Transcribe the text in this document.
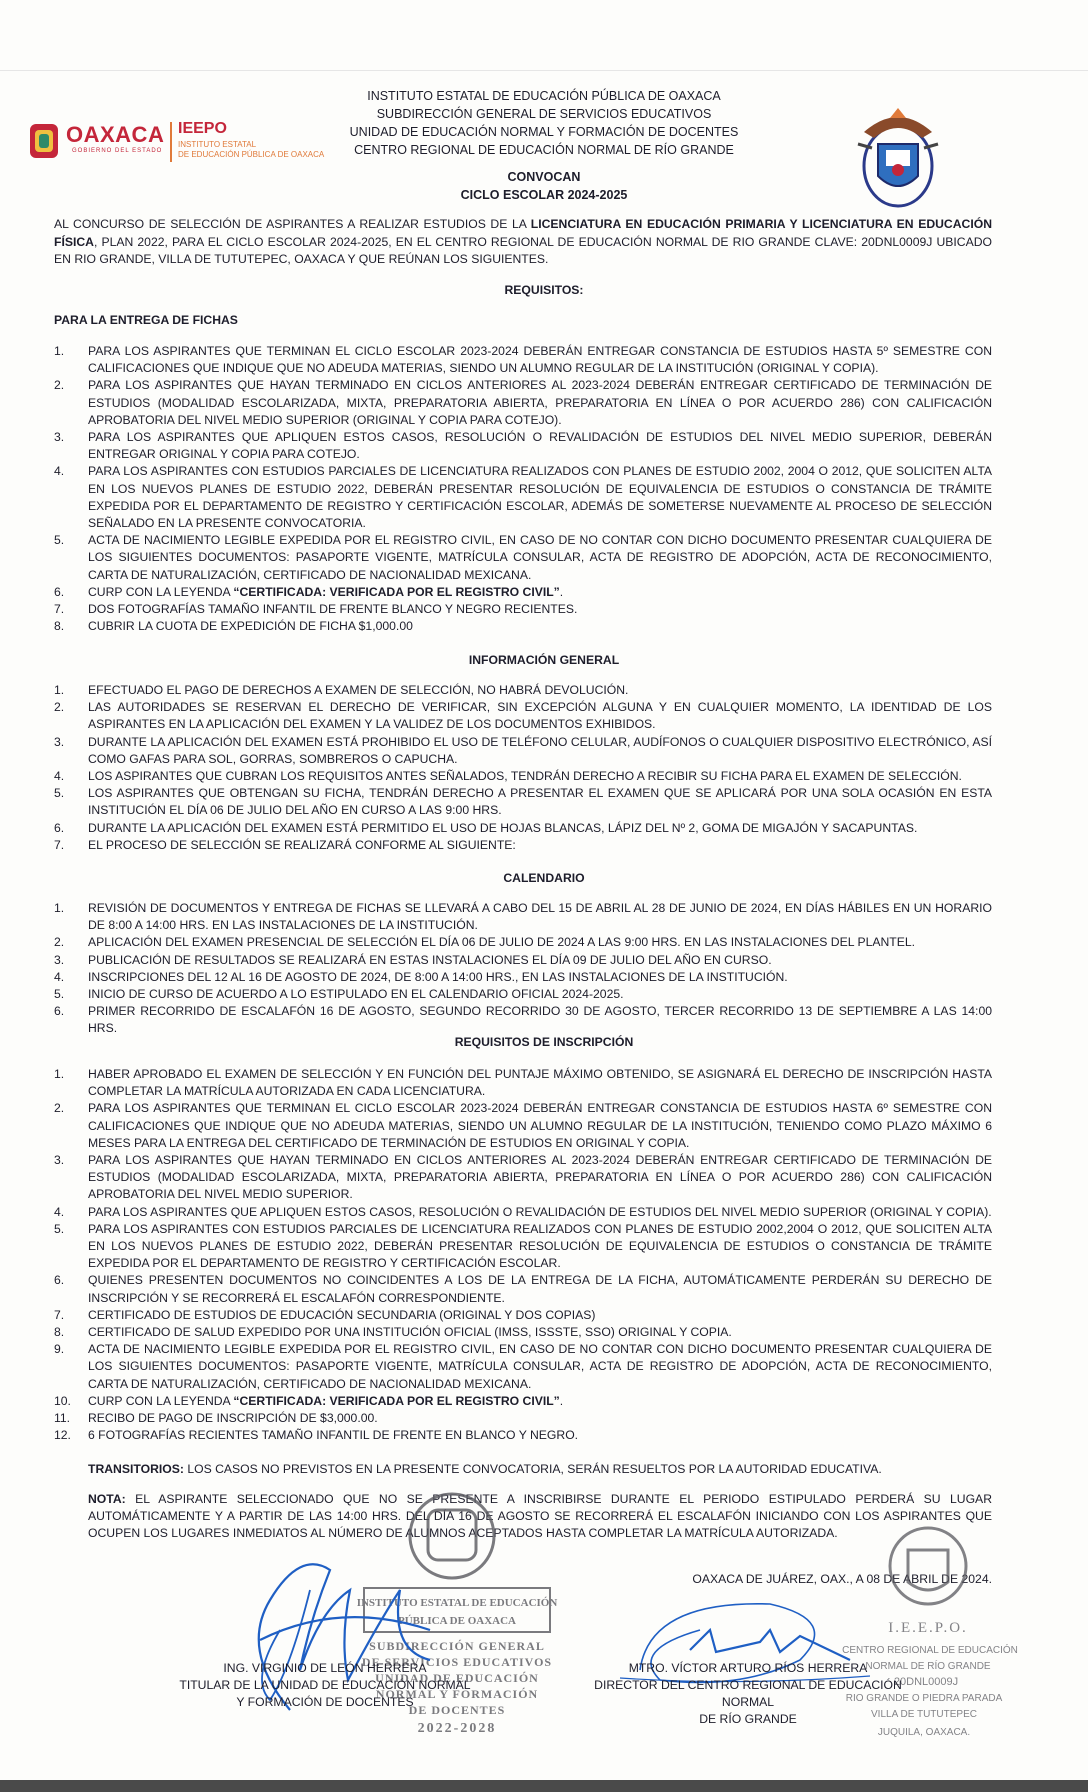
OAXACA
GOBIERNO DEL ESTADO
IEEPO
INSTITUTO ESTATAL
DE EDUCACIÓN PÚBLICA DE OAXACA
INSTITUTO ESTATAL DE EDUCACIÓN PÚBLICA DE OAXACA
SUBDIRECCIÓN GENERAL DE SERVICIOS EDUCATIVOS
UNIDAD DE EDUCACIÓN NORMAL Y FORMACIÓN DE DOCENTES
CENTRO REGIONAL DE EDUCACIÓN NORMAL DE RÍO GRANDE
CONVOCAN
CICLO ESCOLAR 2024-2025
AL CONCURSO DE SELECCIÓN DE ASPIRANTES A REALIZAR ESTUDIOS DE LA LICENCIATURA EN EDUCACIÓN PRIMARIA Y LICENCIATURA EN EDUCACIÓN FÍSICA, PLAN 2022, PARA EL CICLO ESCOLAR 2024-2025, EN EL CENTRO REGIONAL DE EDUCACIÓN NORMAL DE RIO GRANDE CLAVE: 20DNL0009J UBICADO EN RIO GRANDE, VILLA DE TUTUTEPEC, OAXACA Y QUE REÚNAN LOS SIGUIENTES.
REQUISITOS:
PARA LA ENTREGA DE FICHAS
1. PARA LOS ASPIRANTES QUE TERMINAN EL CICLO ESCOLAR 2023-2024 DEBERÁN ENTREGAR CONSTANCIA DE ESTUDIOS HASTA 5º SEMESTRE CON CALIFICACIONES QUE INDIQUE QUE NO ADEUDA MATERIAS, SIENDO UN ALUMNO REGULAR DE LA INSTITUCIÓN (ORIGINAL Y COPIA).
2. PARA LOS ASPIRANTES QUE HAYAN TERMINADO EN CICLOS ANTERIORES AL 2023-2024 DEBERÁN ENTREGAR CERTIFICADO DE TERMINACIÓN DE ESTUDIOS (MODALIDAD ESCOLARIZADA, MIXTA, PREPARATORIA ABIERTA, PREPARATORIA EN LÍNEA O POR ACUERDO 286) CON CALIFICACIÓN APROBATORIA DEL NIVEL MEDIO SUPERIOR (ORIGINAL Y COPIA PARA COTEJO).
3. PARA LOS ASPIRANTES QUE APLIQUEN ESTOS CASOS, RESOLUCIÓN O REVALIDACIÓN DE ESTUDIOS DEL NIVEL MEDIO SUPERIOR, DEBERÁN ENTREGAR ORIGINAL Y COPIA PARA COTEJO.
4. PARA LOS ASPIRANTES CON ESTUDIOS PARCIALES DE LICENCIATURA REALIZADOS CON PLANES DE ESTUDIO 2002, 2004 O 2012, QUE SOLICITEN ALTA EN LOS NUEVOS PLANES DE ESTUDIO 2022, DEBERÁN PRESENTAR RESOLUCIÓN DE EQUIVALENCIA DE ESTUDIOS O CONSTANCIA DE TRÁMITE EXPEDIDA POR EL DEPARTAMENTO DE REGISTRO Y CERTIFICACIÓN ESCOLAR, ADEMÁS DE SOMETERSE NUEVAMENTE AL PROCESO DE SELECCIÓN SEÑALADO EN LA PRESENTE CONVOCATORIA.
5. ACTA DE NACIMIENTO LEGIBLE EXPEDIDA POR EL REGISTRO CIVIL, EN CASO DE NO CONTAR CON DICHO DOCUMENTO PRESENTAR CUALQUIERA DE LOS SIGUIENTES DOCUMENTOS: PASAPORTE VIGENTE, MATRÍCULA CONSULAR, ACTA DE REGISTRO DE ADOPCIÓN, ACTA DE RECONOCIMIENTO, CARTA DE NATURALIZACIÓN, CERTIFICADO DE NACIONALIDAD MEXICANA.
6. CURP CON LA LEYENDA “CERTIFICADA: VERIFICADA POR EL REGISTRO CIVIL”.
7. DOS FOTOGRAFÍAS TAMAÑO INFANTIL DE FRENTE BLANCO Y NEGRO RECIENTES.
8. CUBRIR LA CUOTA DE EXPEDICIÓN DE FICHA $1,000.00
INFORMACIÓN GENERAL
1. EFECTUADO EL PAGO DE DERECHOS A EXAMEN DE SELECCIÓN, NO HABRÁ DEVOLUCIÓN.
2. LAS AUTORIDADES SE RESERVAN EL DERECHO DE VERIFICAR, SIN EXCEPCIÓN ALGUNA Y EN CUALQUIER MOMENTO, LA IDENTIDAD DE LOS ASPIRANTES EN LA APLICACIÓN DEL EXAMEN Y LA VALIDEZ DE LOS DOCUMENTOS EXHIBIDOS.
3. DURANTE LA APLICACIÓN DEL EXAMEN ESTÁ PROHIBIDO EL USO DE TELÉFONO CELULAR, AUDÍFONOS O CUALQUIER DISPOSITIVO ELECTRÓNICO, ASÍ COMO GAFAS PARA SOL, GORRAS, SOMBREROS O CAPUCHA.
4. LOS ASPIRANTES QUE CUBRAN LOS REQUISITOS ANTES SEÑALADOS, TENDRÁN DERECHO A RECIBIR SU FICHA PARA EL EXAMEN DE SELECCIÓN.
5. LOS ASPIRANTES QUE OBTENGAN SU FICHA, TENDRÁN DERECHO A PRESENTAR EL EXAMEN QUE SE APLICARÁ POR UNA SOLA OCASIÓN EN ESTA INSTITUCIÓN EL DÍA 06 DE JULIO DEL AÑO EN CURSO A LAS 9:00 HRS.
6. DURANTE LA APLICACIÓN DEL EXAMEN ESTÁ PERMITIDO EL USO DE HOJAS BLANCAS, LÁPIZ DEL Nº 2, GOMA DE MIGAJÓN Y SACAPUNTAS.
7. EL PROCESO DE SELECCIÓN SE REALIZARÁ CONFORME AL SIGUIENTE:
CALENDARIO
1. REVISIÓN DE DOCUMENTOS Y ENTREGA DE FICHAS SE LLEVARÁ A CABO DEL 15 DE ABRIL AL 28 DE JUNIO DE 2024, EN DÍAS HÁBILES EN UN HORARIO DE 8:00 A 14:00 HRS. EN LAS INSTALACIONES DE LA INSTITUCIÓN.
2. APLICACIÓN DEL EXAMEN PRESENCIAL DE SELECCIÓN EL DÍA 06 DE JULIO DE 2024 A LAS 9:00 HRS. EN LAS INSTALACIONES DEL PLANTEL.
3. PUBLICACIÓN DE RESULTADOS SE REALIZARÁ EN ESTAS INSTALACIONES EL DÍA 09 DE JULIO DEL AÑO EN CURSO.
4. INSCRIPCIONES DEL 12 AL 16 DE AGOSTO DE 2024, DE 8:00 A 14:00 HRS., EN LAS INSTALACIONES DE LA INSTITUCIÓN.
5. INICIO DE CURSO DE ACUERDO A LO ESTIPULADO EN EL CALENDARIO OFICIAL 2024-2025.
6. PRIMER RECORRIDO DE ESCALAFÓN 16 DE AGOSTO, SEGUNDO RECORRIDO 30 DE AGOSTO, TERCER RECORRIDO 13 DE SEPTIEMBRE A LAS 14:00 HRS.
REQUISITOS DE INSCRIPCIÓN
1. HABER APROBADO EL EXAMEN DE SELECCIÓN Y EN FUNCIÓN DEL PUNTAJE MÁXIMO OBTENIDO, SE ASIGNARÁ EL DERECHO DE INSCRIPCIÓN HASTA COMPLETAR LA MATRÍCULA AUTORIZADA EN CADA LICENCIATURA.
2. PARA LOS ASPIRANTES QUE TERMINAN EL CICLO ESCOLAR 2023-2024 DEBERÁN ENTREGAR CONSTANCIA DE ESTUDIOS HASTA 6º SEMESTRE CON CALIFICACIONES QUE INDIQUE QUE NO ADEUDA MATERIAS, SIENDO UN ALUMNO REGULAR DE LA INSTITUCIÓN, TENIENDO COMO PLAZO MÁXIMO 6 MESES PARA LA ENTREGA DEL CERTIFICADO DE TERMINACIÓN DE ESTUDIOS EN ORIGINAL Y COPIA.
3. PARA LOS ASPIRANTES QUE HAYAN TERMINADO EN CICLOS ANTERIORES AL 2023-2024 DEBERÁN ENTREGAR CERTIFICADO DE TERMINACIÓN DE ESTUDIOS (MODALIDAD ESCOLARIZADA, MIXTA, PREPARATORIA ABIERTA, PREPARATORIA EN LÍNEA O POR ACUERDO 286) CON CALIFICACIÓN APROBATORIA DEL NIVEL MEDIO SUPERIOR.
4. PARA LOS ASPIRANTES QUE APLIQUEN ESTOS CASOS, RESOLUCIÓN O REVALIDACIÓN DE ESTUDIOS DEL NIVEL MEDIO SUPERIOR (ORIGINAL Y COPIA).
5. PARA LOS ASPIRANTES CON ESTUDIOS PARCIALES DE LICENCIATURA REALIZADOS CON PLANES DE ESTUDIO 2002,2004 O 2012, QUE SOLICITEN ALTA EN LOS NUEVOS PLANES DE ESTUDIO 2022, DEBERÁN PRESENTAR RESOLUCIÓN DE EQUIVALENCIA DE ESTUDIOS O CONSTANCIA DE TRÁMITE EXPEDIDA POR EL DEPARTAMENTO DE REGISTRO Y CERTIFICACIÓN ESCOLAR.
6. QUIENES PRESENTEN DOCUMENTOS NO COINCIDENTES A LOS DE LA ENTREGA DE LA FICHA, AUTOMÁTICAMENTE PERDERÁN SU DERECHO DE INSCRIPCIÓN Y SE RECORRERÁ EL ESCALAFÓN CORRESPONDIENTE.
7. CERTIFICADO DE ESTUDIOS DE EDUCACIÓN SECUNDARIA (ORIGINAL Y DOS COPIAS)
8. CERTIFICADO DE SALUD EXPEDIDO POR UNA INSTITUCIÓN OFICIAL (IMSS, ISSSTE, SSO) ORIGINAL Y COPIA.
9. ACTA DE NACIMIENTO LEGIBLE EXPEDIDA POR EL REGISTRO CIVIL, EN CASO DE NO CONTAR CON DICHO DOCUMENTO PRESENTAR CUALQUIERA DE LOS SIGUIENTES DOCUMENTOS: PASAPORTE VIGENTE, MATRÍCULA CONSULAR, ACTA DE REGISTRO DE ADOPCIÓN, ACTA DE RECONOCIMIENTO, CARTA DE NATURALIZACIÓN, CERTIFICADO DE NACIONALIDAD MEXICANA.
10. CURP CON LA LEYENDA “CERTIFICADA: VERIFICADA POR EL REGISTRO CIVIL”.
11. RECIBO DE PAGO DE INSCRIPCIÓN DE $3,000.00.
12. 6 FOTOGRAFÍAS RECIENTES TAMAÑO INFANTIL DE FRENTE EN BLANCO Y NEGRO.
TRANSITORIOS: LOS CASOS NO PREVISTOS EN LA PRESENTE CONVOCATORIA, SERÁN RESUELTOS POR LA AUTORIDAD EDUCATIVA.
NOTA: EL ASPIRANTE SELECCIONADO QUE NO SE PRESENTE A INSCRIBIRSE DURANTE EL PERIODO ESTIPULADO PERDERÁ SU LUGAR AUTOMÁTICAMENTE Y A PARTIR DE LAS 14:00 HRS. DEL DÍA 16 DE AGOSTO SE RECORRERÁ EL ESCALAFÓN INICIANDO CON LOS ASPIRANTES QUE OCUPEN LOS LUGARES INMEDIATOS AL NÚMERO DE ALUMNOS ACEPTADOS HASTA COMPLETAR LA MATRÍCULA AUTORIZADA.
OAXACA DE JUÁREZ, OAX., A 08 DE ABRIL DE 2024.
INSTITUTO ESTATAL DE EDUCACIÓN
PÚBLICA DE OAXACA
SUBDIRECCIÓN GENERAL
DE SERVICIOS EDUCATIVOS
UNIDAD DE EDUCACIÓN
NORMAL Y FORMACIÓN
DE DOCENTES
2022-2028
I.E.E.P.O.
CENTRO REGIONAL DE EDUCACIÓN
NORMAL DE RÍO GRANDE
20DNL0009J
RIO GRANDE O PIEDRA PARADA
VILLA DE TUTUTEPEC
JUQUILA, OAXACA.
ING. VIRGINIO DE LEÓN HERRERA
TITULAR DE LA UNIDAD DE EDUCACIÓN NORMAL
Y FORMACIÓN DE DOCENTES
MTRO. VÍCTOR ARTURO RÍOS HERRERA
DIRECTOR DEL CENTRO REGIONAL DE EDUCACIÓN NORMAL
DE RÍO GRANDE
